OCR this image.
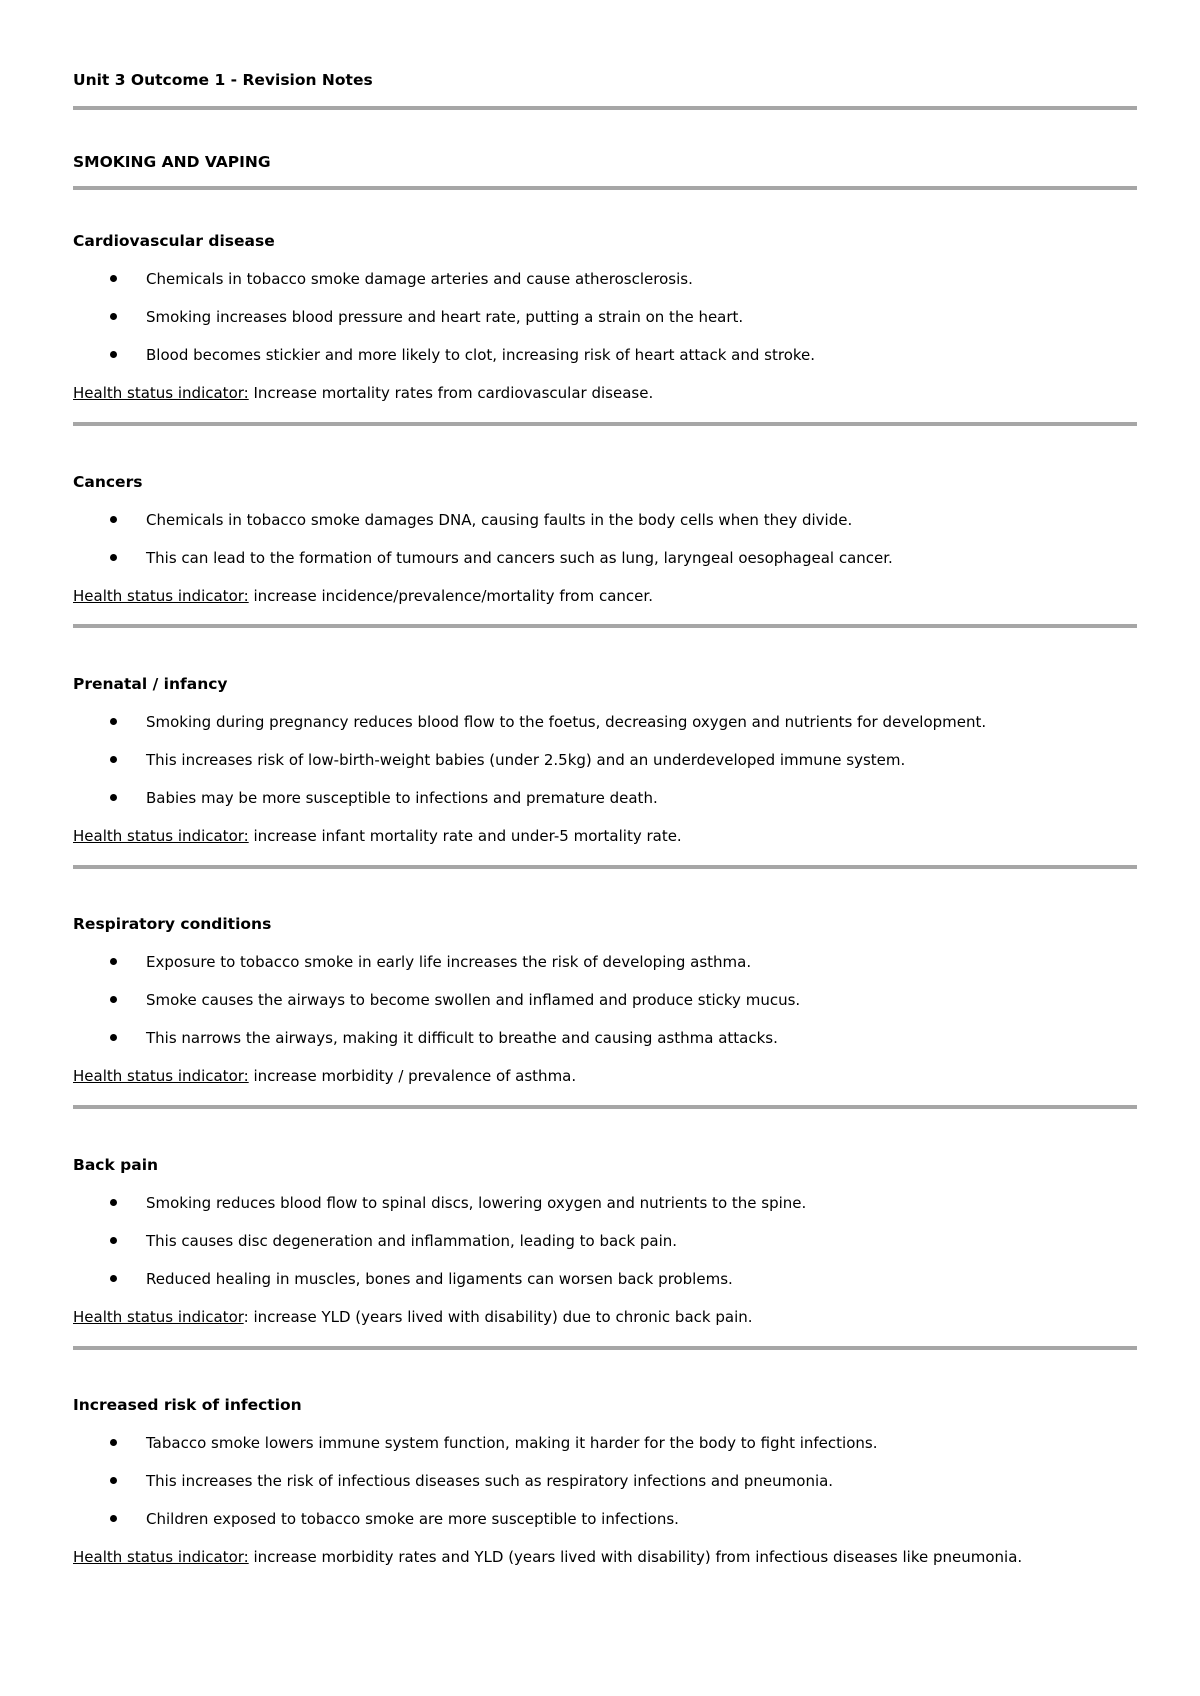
Unit 3 Outcome 1 - Revision Notes
SMOKING AND VAPING
Cardiovascular disease
Chemicals in tobacco smoke damage arteries and cause atherosclerosis.
Smoking increases blood pressure and heart rate, putting a strain on the heart.
Blood becomes stickier and more likely to clot, increasing risk of heart attack and stroke.

Health status indicator: Increase mortality rates from cardiovascular disease.

Cancers
Chemicals in tobacco smoke damages DNA, causing faults in the body cells when they divide.
This can lead to the formation of tumours and cancers such as lung, laryngeal oesophageal cancer.

Health status indicator: increase incidence/prevalence/mortality from cancer.

Prenatal / infancy
Smoking during pregnancy reduces blood flow to the foetus, decreasing oxygen and nutrients for development.
This increases risk of low-birth-weight babies (under 2.5kg) and an underdeveloped immune system.
Babies may be more susceptible to infections and premature death.

Health status indicator: increase infant mortality rate and under-5 mortality rate.

Respiratory conditions
Exposure to tobacco smoke in early life increases the risk of developing asthma.
Smoke causes the airways to become swollen and inflamed and produce sticky mucus.
This narrows the airways, making it difficult to breathe and causing asthma attacks.

Health status indicator: increase morbidity / prevalence of asthma.

Back pain
Smoking reduces blood flow to spinal discs, lowering oxygen and nutrients to the spine.
This causes disc degeneration and inflammation, leading to back pain.
Reduced healing in muscles, bones and ligaments can worsen back problems.

Health status indicator: increase YLD (years lived with disability) due to chronic back pain.

Increased risk of infection
Tabacco smoke lowers immune system function, making it harder for the body to fight infections.
This increases the risk of infectious diseases such as respiratory infections and pneumonia.
Children exposed to tobacco smoke are more susceptible to infections.

Health status indicator: increase morbidity rates and YLD (years lived with disability) from infectious diseases like pneumonia.
